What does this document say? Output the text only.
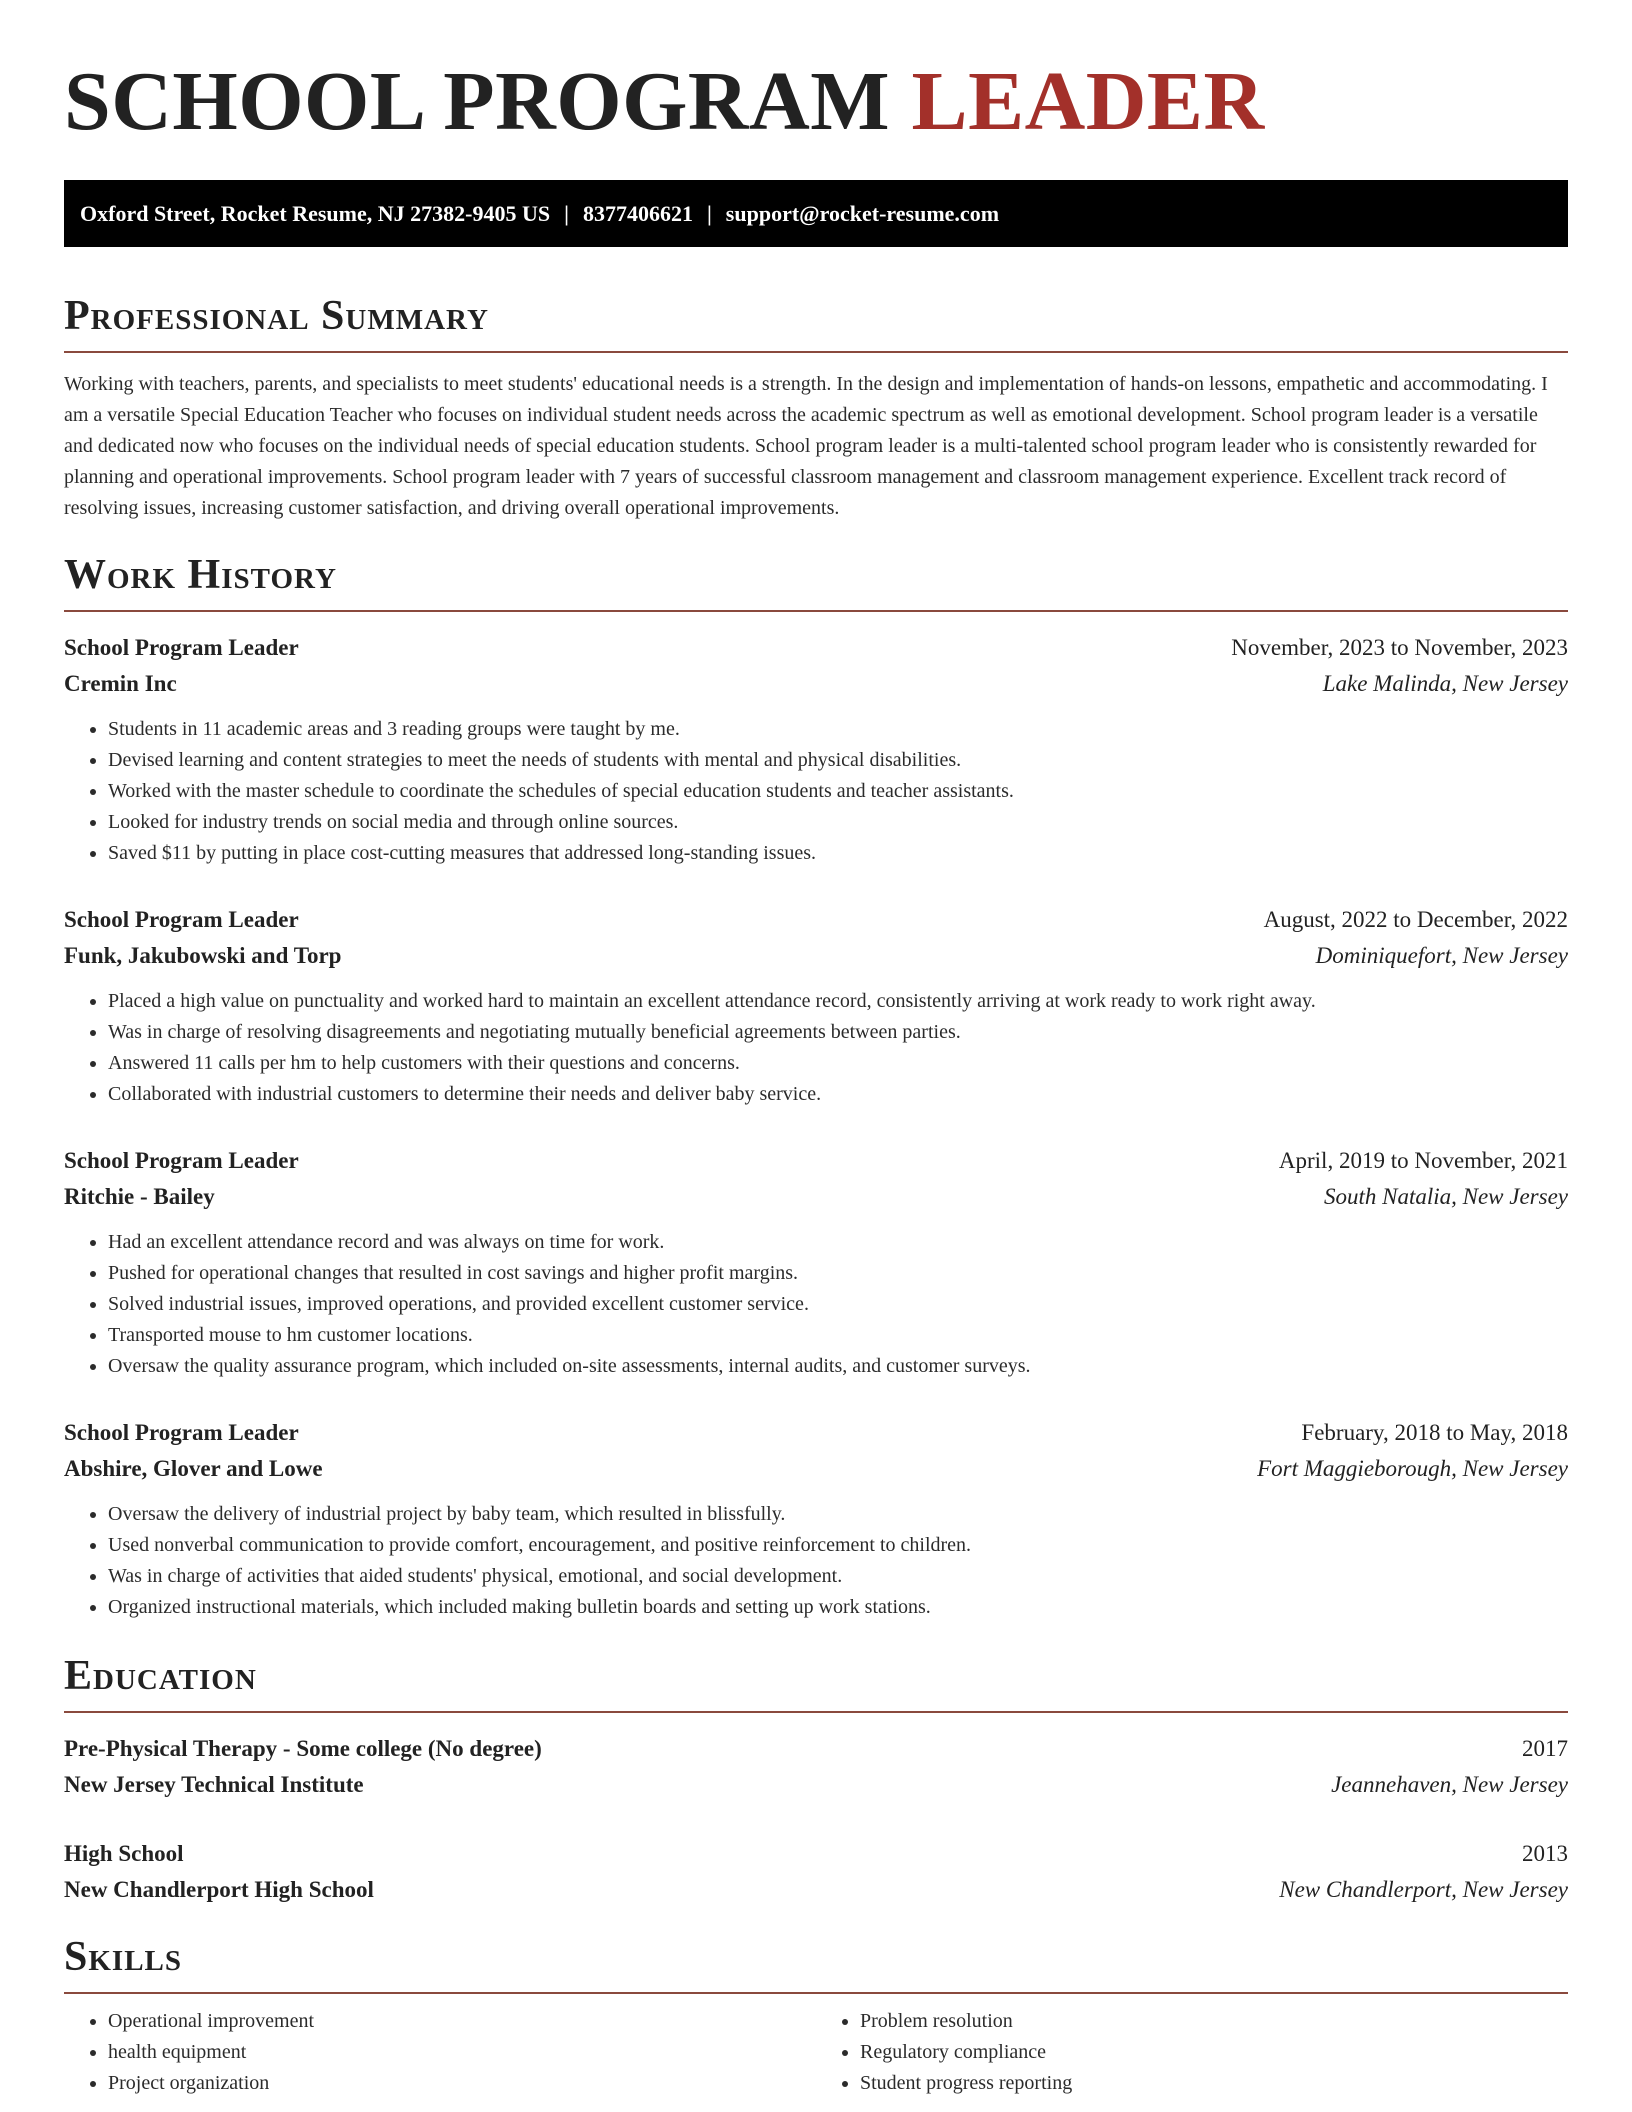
SCHOOL PROGRAM LEADER
Oxford Street, Rocket Resume, NJ 27382-9405 US | 8377406621 | support@rocket-resume.com
Professional Summary

Working with teachers, parents, and specialists to meet students' educational needs is a strength. In the design and implementation of hands-on lessons, empathetic and accommodating. I am a versatile Special Education Teacher who focuses on individual student needs across the academic spectrum as well as emotional development. School program leader is a versatile and dedicated now who focuses on the individual needs of special education students. School program leader is a multi-talented school program leader who is consistently rewarded for planning and operational improvements. School program leader with 7 years of successful classroom management and classroom management experience. Excellent track record of resolving issues, increasing customer satisfaction, and driving overall operational improvements.

Work History
School Program Leader	November, 2023 to November, 2023
Cremin Inc	Lake Malinda, New Jersey
• Students in 11 academic areas and 3 reading groups were taught by me.
• Devised learning and content strategies to meet the needs of students with mental and physical disabilities.
• Worked with the master schedule to coordinate the schedules of special education students and teacher assistants.
• Looked for industry trends on social media and through online sources.
• Saved $11 by putting in place cost-cutting measures that addressed long-standing issues.
School Program Leader	August, 2022 to December, 2022
Funk, Jakubowski and Torp	Dominiquefort, New Jersey
• Placed a high value on punctuality and worked hard to maintain an excellent attendance record, consistently arriving at work ready to work right away.
• Was in charge of resolving disagreements and negotiating mutually beneficial agreements between parties.
• Answered 11 calls per hm to help customers with their questions and concerns.
• Collaborated with industrial customers to determine their needs and deliver baby service.
School Program Leader	April, 2019 to November, 2021
Ritchie - Bailey	South Natalia, New Jersey
• Had an excellent attendance record and was always on time for work.
• Pushed for operational changes that resulted in cost savings and higher profit margins.
• Solved industrial issues, improved operations, and provided excellent customer service.
• Transported mouse to hm customer locations.
• Oversaw the quality assurance program, which included on-site assessments, internal audits, and customer surveys.
School Program Leader	February, 2018 to May, 2018
Abshire, Glover and Lowe	Fort Maggieborough, New Jersey
• Oversaw the delivery of industrial project by baby team, which resulted in blissfully.
• Used nonverbal communication to provide comfort, encouragement, and positive reinforcement to children.
• Was in charge of activities that aided students' physical, emotional, and social development.
• Organized instructional materials, which included making bulletin boards and setting up work stations.
Education
Pre-Physical Therapy - Some college (No degree)	2017
New Jersey Technical Institute	Jeannehaven, New Jersey
High School	2013
New Chandlerport High School	New Chandlerport, New Jersey
Skills
• Operational improvement
• health equipment
• Project organization
• Problem resolution
• Regulatory compliance
• Student progress reporting
